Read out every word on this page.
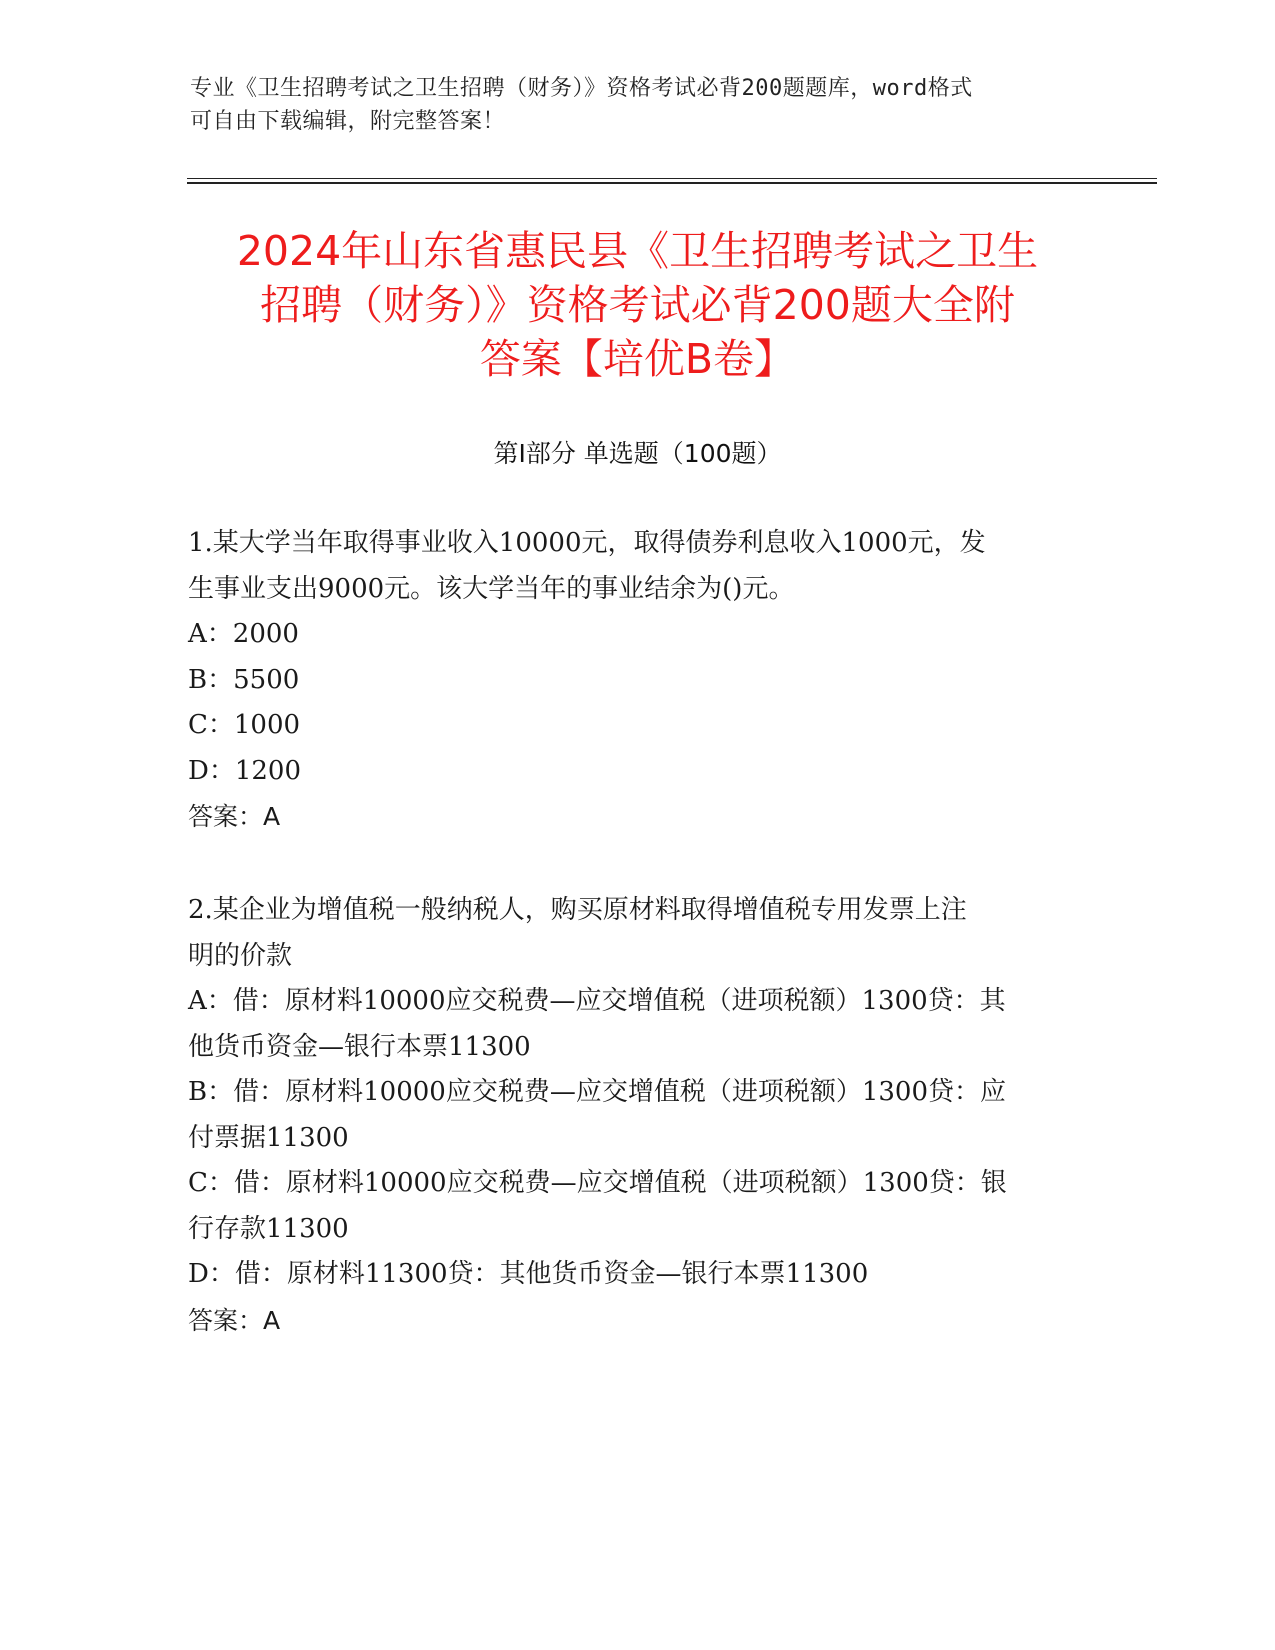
专业《卫生招聘考试之卫生招聘（财务）》资格考试必背200题题库，word格式
可自由下载编辑，附完整答案！
2024年山东省惠民县《卫生招聘考试之卫生
招聘（财务）》资格考试必背200题大全附
答案【培优B卷】
第Ⅰ部分 单选题（100题）
1.某大学当年取得事业收入10000元，取得债券利息收入1000元，发
生事业支出9000元。该大学当年的事业结余为()元。
A：2000
B：5500
C：1000
D：1200
答案：A
2.某企业为增值税一般纳税人，购买原材料取得增值税专用发票上注
明的价款
A：借：原材料10000应交税费—应交增值税（进项税额）1300贷：其
他货币资金—银行本票11300
B：借：原材料10000应交税费—应交增值税（进项税额）1300贷：应
付票据11300
C：借：原材料10000应交税费—应交增值税（进项税额）1300贷：银
行存款11300
D：借：原材料11300贷：其他货币资金—银行本票11300
答案：A
